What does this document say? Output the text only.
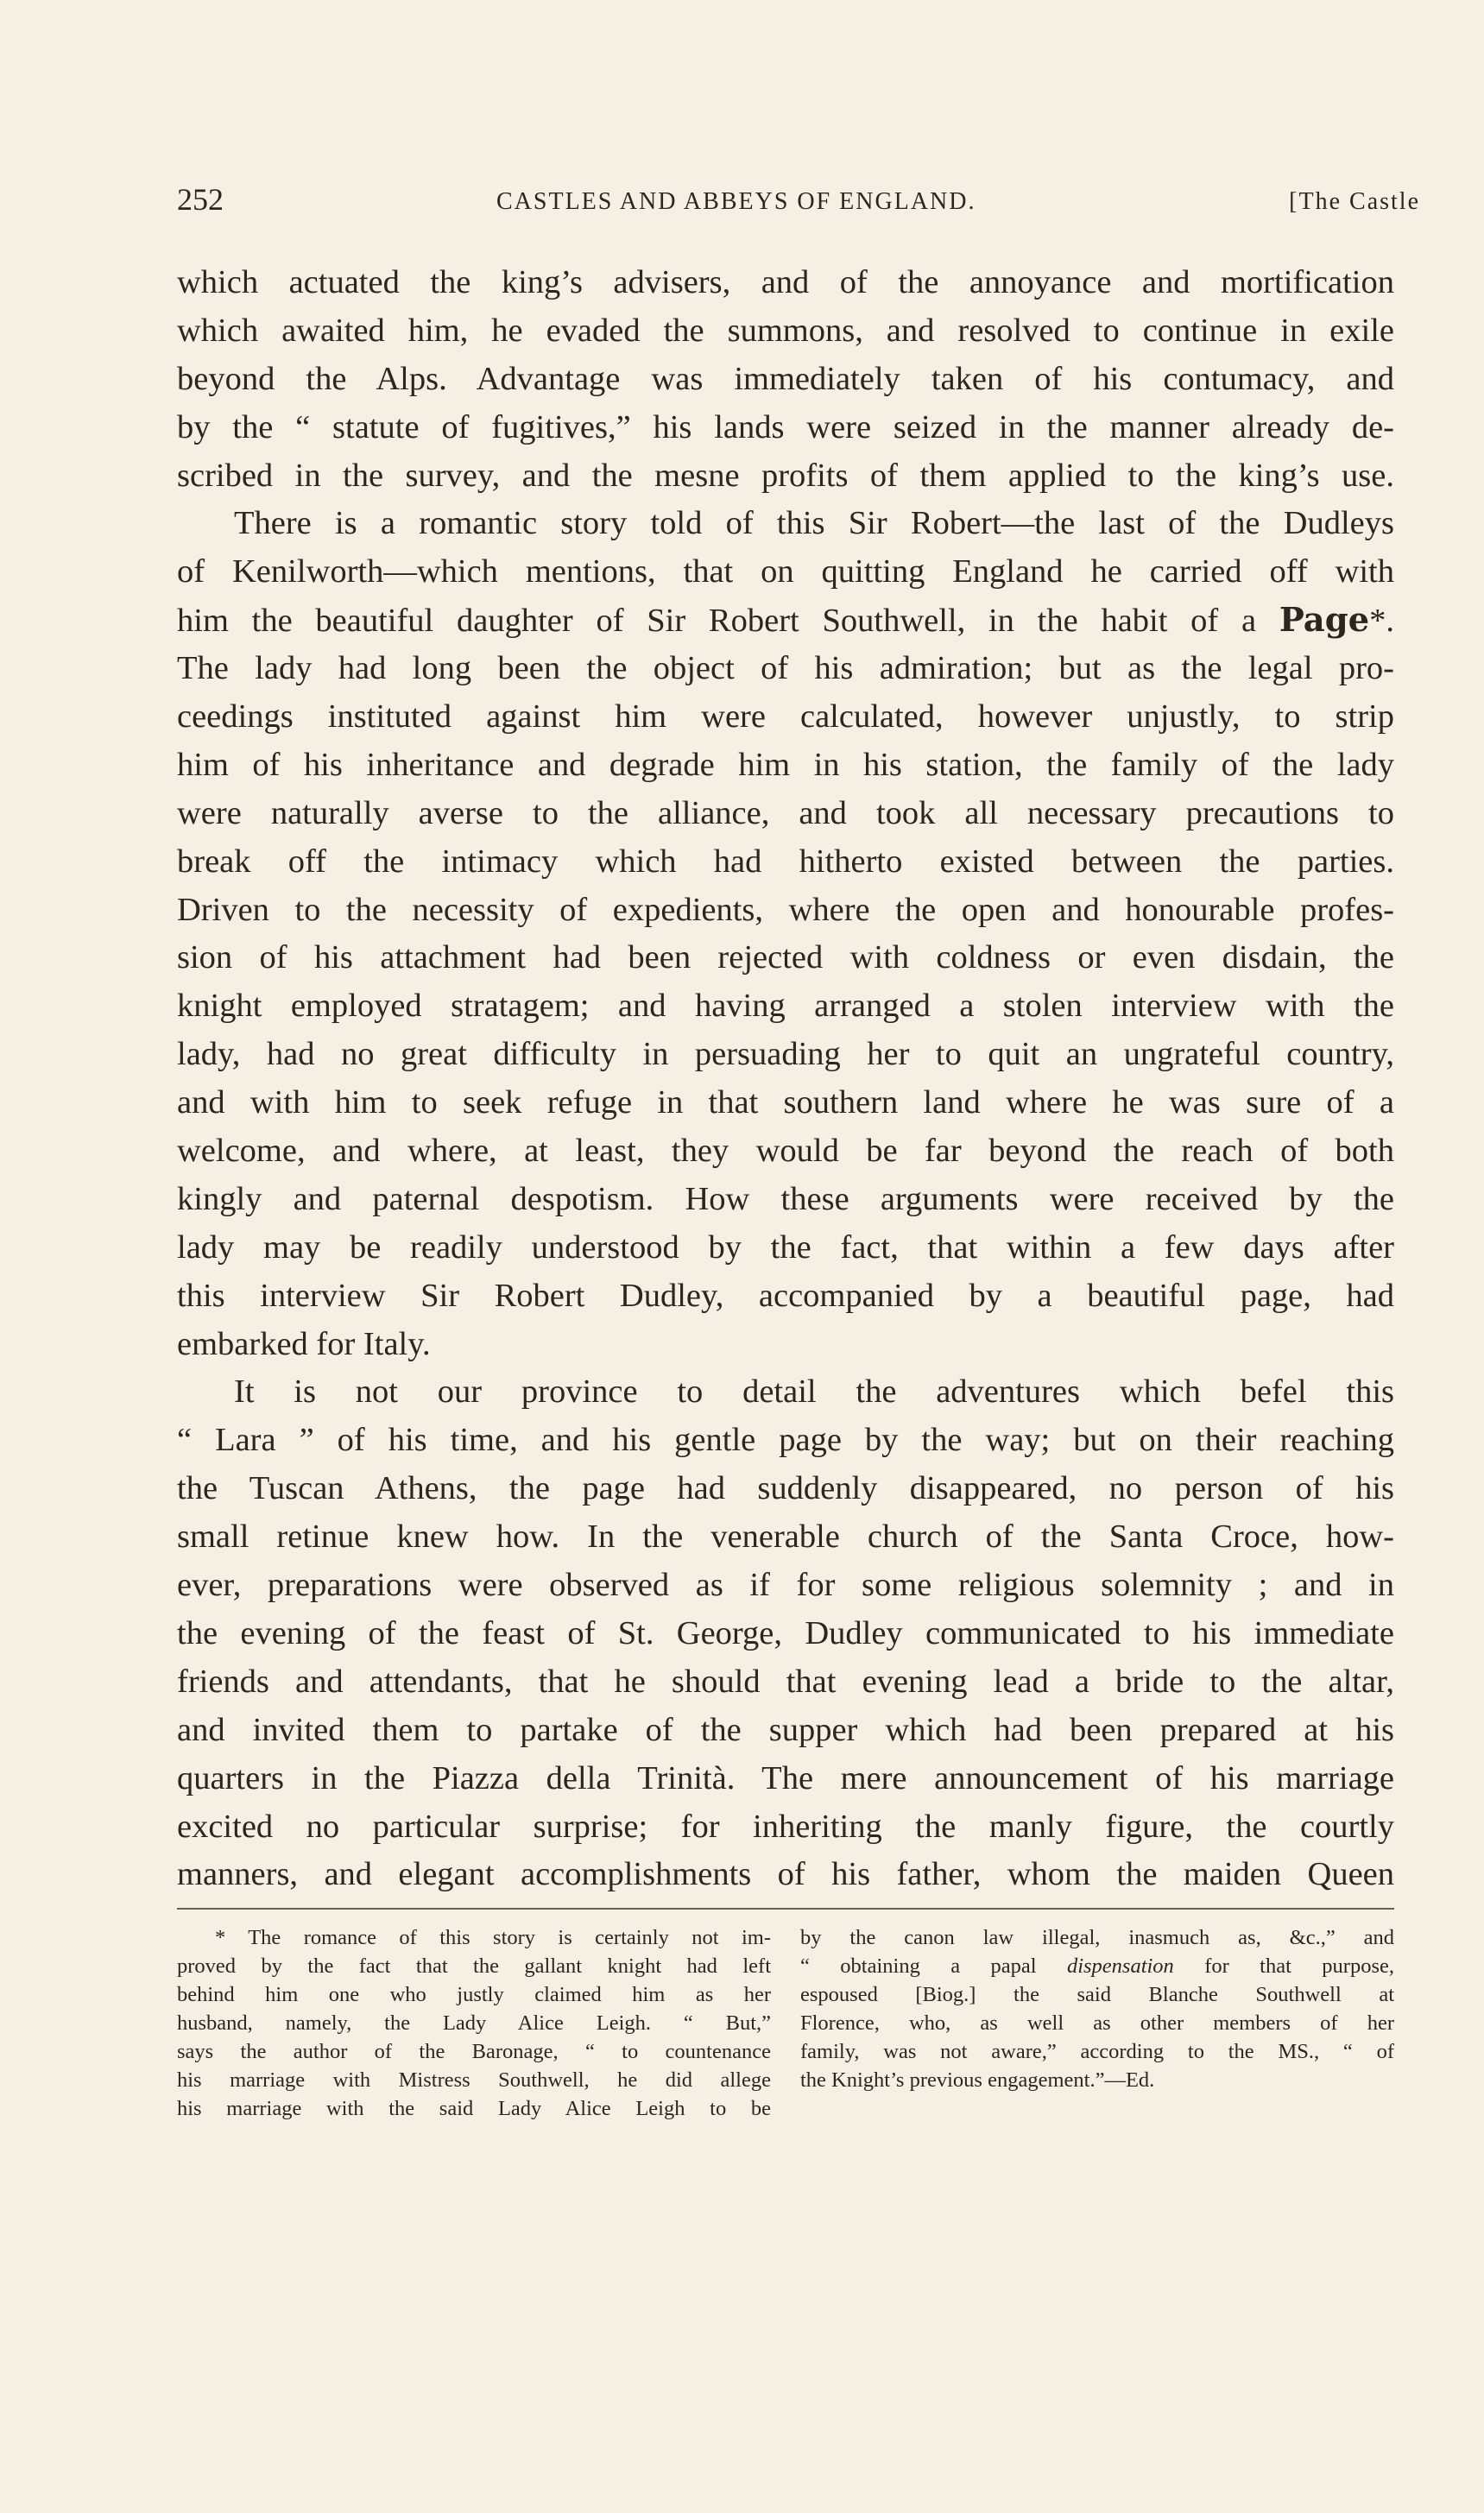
252	CASTLES AND ABBEYS OF ENGLAND.	[The Castle
which actuated the king’s advisers, and of the annoyance and mortification
which awaited him, he evaded the summons, and resolved to continue in exile
beyond the Alps. Advantage was immediately taken of his contumacy, and
by the “ statute of fugitives,” his lands were seized in the manner already de-
scribed in the survey, and the mesne profits of them applied to the king’s use.
There is a romantic story told of this Sir Robert—the last of the Dudleys
of Kenilworth—which mentions, that on quitting England he carried off with
him the beautiful daughter of Sir Robert Southwell, in the habit of a Page*.
The lady had long been the object of his admiration; but as the legal pro-
ceedings instituted against him were calculated, however unjustly, to strip
him of his inheritance and degrade him in his station, the family of the lady
were naturally averse to the alliance, and took all necessary precautions to
break off the intimacy which had hitherto existed between the parties.
Driven to the necessity of expedients, where the open and honourable profes-
sion of his attachment had been rejected with coldness or even disdain, the
knight employed stratagem; and having arranged a stolen interview with the
lady, had no great difficulty in persuading her to quit an ungrateful country,
and with him to seek refuge in that southern land where he was sure of a
welcome, and where, at least, they would be far beyond the reach of both
kingly and paternal despotism. How these arguments were received by the
lady may be readily understood by the fact, that within a few days after
this interview Sir Robert Dudley, accompanied by a beautiful page, had
embarked for Italy.
It is not our province to detail the adventures which befel this
“ Lara ” of his time, and his gentle page by the way; but on their reaching
the Tuscan Athens, the page had suddenly disappeared, no person of his
small retinue knew how. In the venerable church of the Santa Croce, how-
ever, preparations were observed as if for some religious solemnity ; and in
the evening of the feast of St. George, Dudley communicated to his immediate
friends and attendants, that he should that evening lead a bride to the altar,
and invited them to partake of the supper which had been prepared at his
quarters in the Piazza della Trinità. The mere announcement of his marriage
excited no particular surprise; for inheriting the manly figure, the courtly
manners, and elegant accomplishments of his father, whom the maiden Queen
* The romance of this story is certainly not im-
proved by the fact that the gallant knight had left
behind him one who justly claimed him as her
husband, namely, the Lady Alice Leigh. “ But,”
says the author of the Baronage, “ to countenance
his marriage with Mistress Southwell, he did allege
his marriage with the said Lady Alice Leigh to be
by the canon law illegal, inasmuch as, &c.,” and
“ obtaining a papal dispensation for that purpose,
espoused [Biog.] the said Blanche Southwell at
Florence, who, as well as other members of her
family, was not aware,” according to the MS., “ of
the Knight’s previous engagement.”—Ed.
